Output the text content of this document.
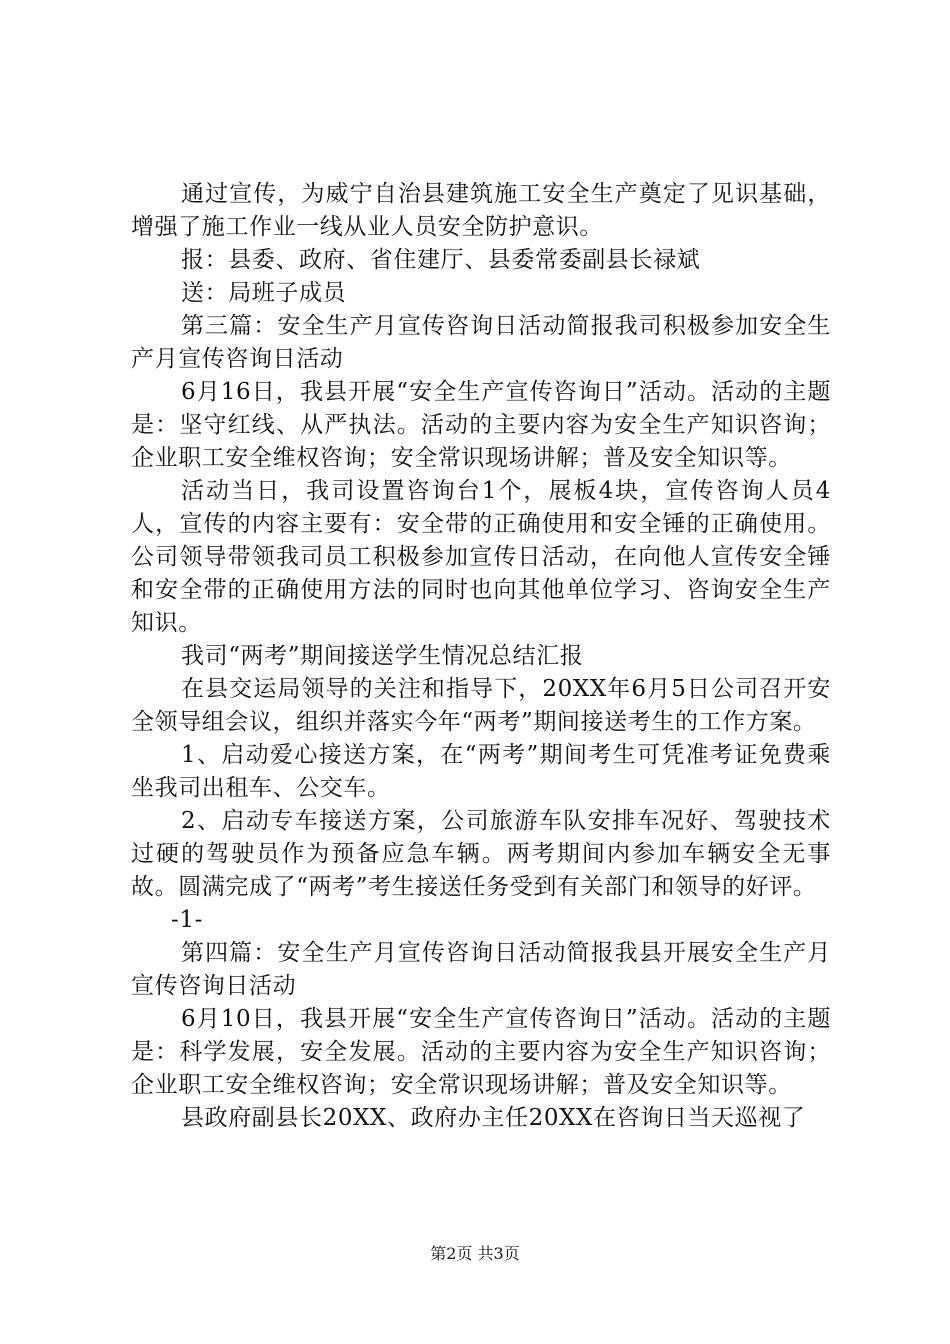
通过宣传，为威宁自治县建筑施工安全生产奠定了见识基础，增强了施工作业一线从业人员安全防护意识。

报：县委、政府、省住建厅、县委常委副县长禄斌

送：局班子成员

第三篇：安全生产月宣传咨询日活动简报我司积极参加安全生产月宣传咨询日活动

6月16日，我县开展“安全生产宣传咨询日”活动。活动的主题是：坚守红线、从严执法。活动的主要内容为安全生产知识咨询；企业职工安全维权咨询；安全常识现场讲解；普及安全知识等。

活动当日，我司设置咨询台1个，展板4块，宣传咨询人员4人，宣传的内容主要有：安全带的正确使用和安全锤的正确使用。公司领导带领我司员工积极参加宣传日活动，在向他人宣传安全锤和安全带的正确使用方法的同时也向其他单位学习、咨询安全生产知识。

我司“两考”期间接送学生情况总结汇报

在县交运局领导的关注和指导下，20XX年6月5日公司召开安全领导组会议，组织并落实今年“两考”期间接送考生的工作方案。

1、启动爱心接送方案，在“两考”期间考生可凭准考证免费乘坐我司出租车、公交车。

2、启动专车接送方案，公司旅游车队安排车况好、驾驶技术过硬的驾驶员作为预备应急车辆。两考期间内参加车辆安全无事故。圆满完成了“两考”考生接送任务受到有关部门和领导的好评。

-1-

第四篇：安全生产月宣传咨询日活动简报我县开展安全生产月宣传咨询日活动

6月10日，我县开展“安全生产宣传咨询日”活动。活动的主题是：科学发展，安全发展。活动的主要内容为安全生产知识咨询；企业职工安全维权咨询；安全常识现场讲解；普及安全知识等。

县政府副县长20XX、政府办主任20XX在咨询日当天巡视了

第2页 共3页
